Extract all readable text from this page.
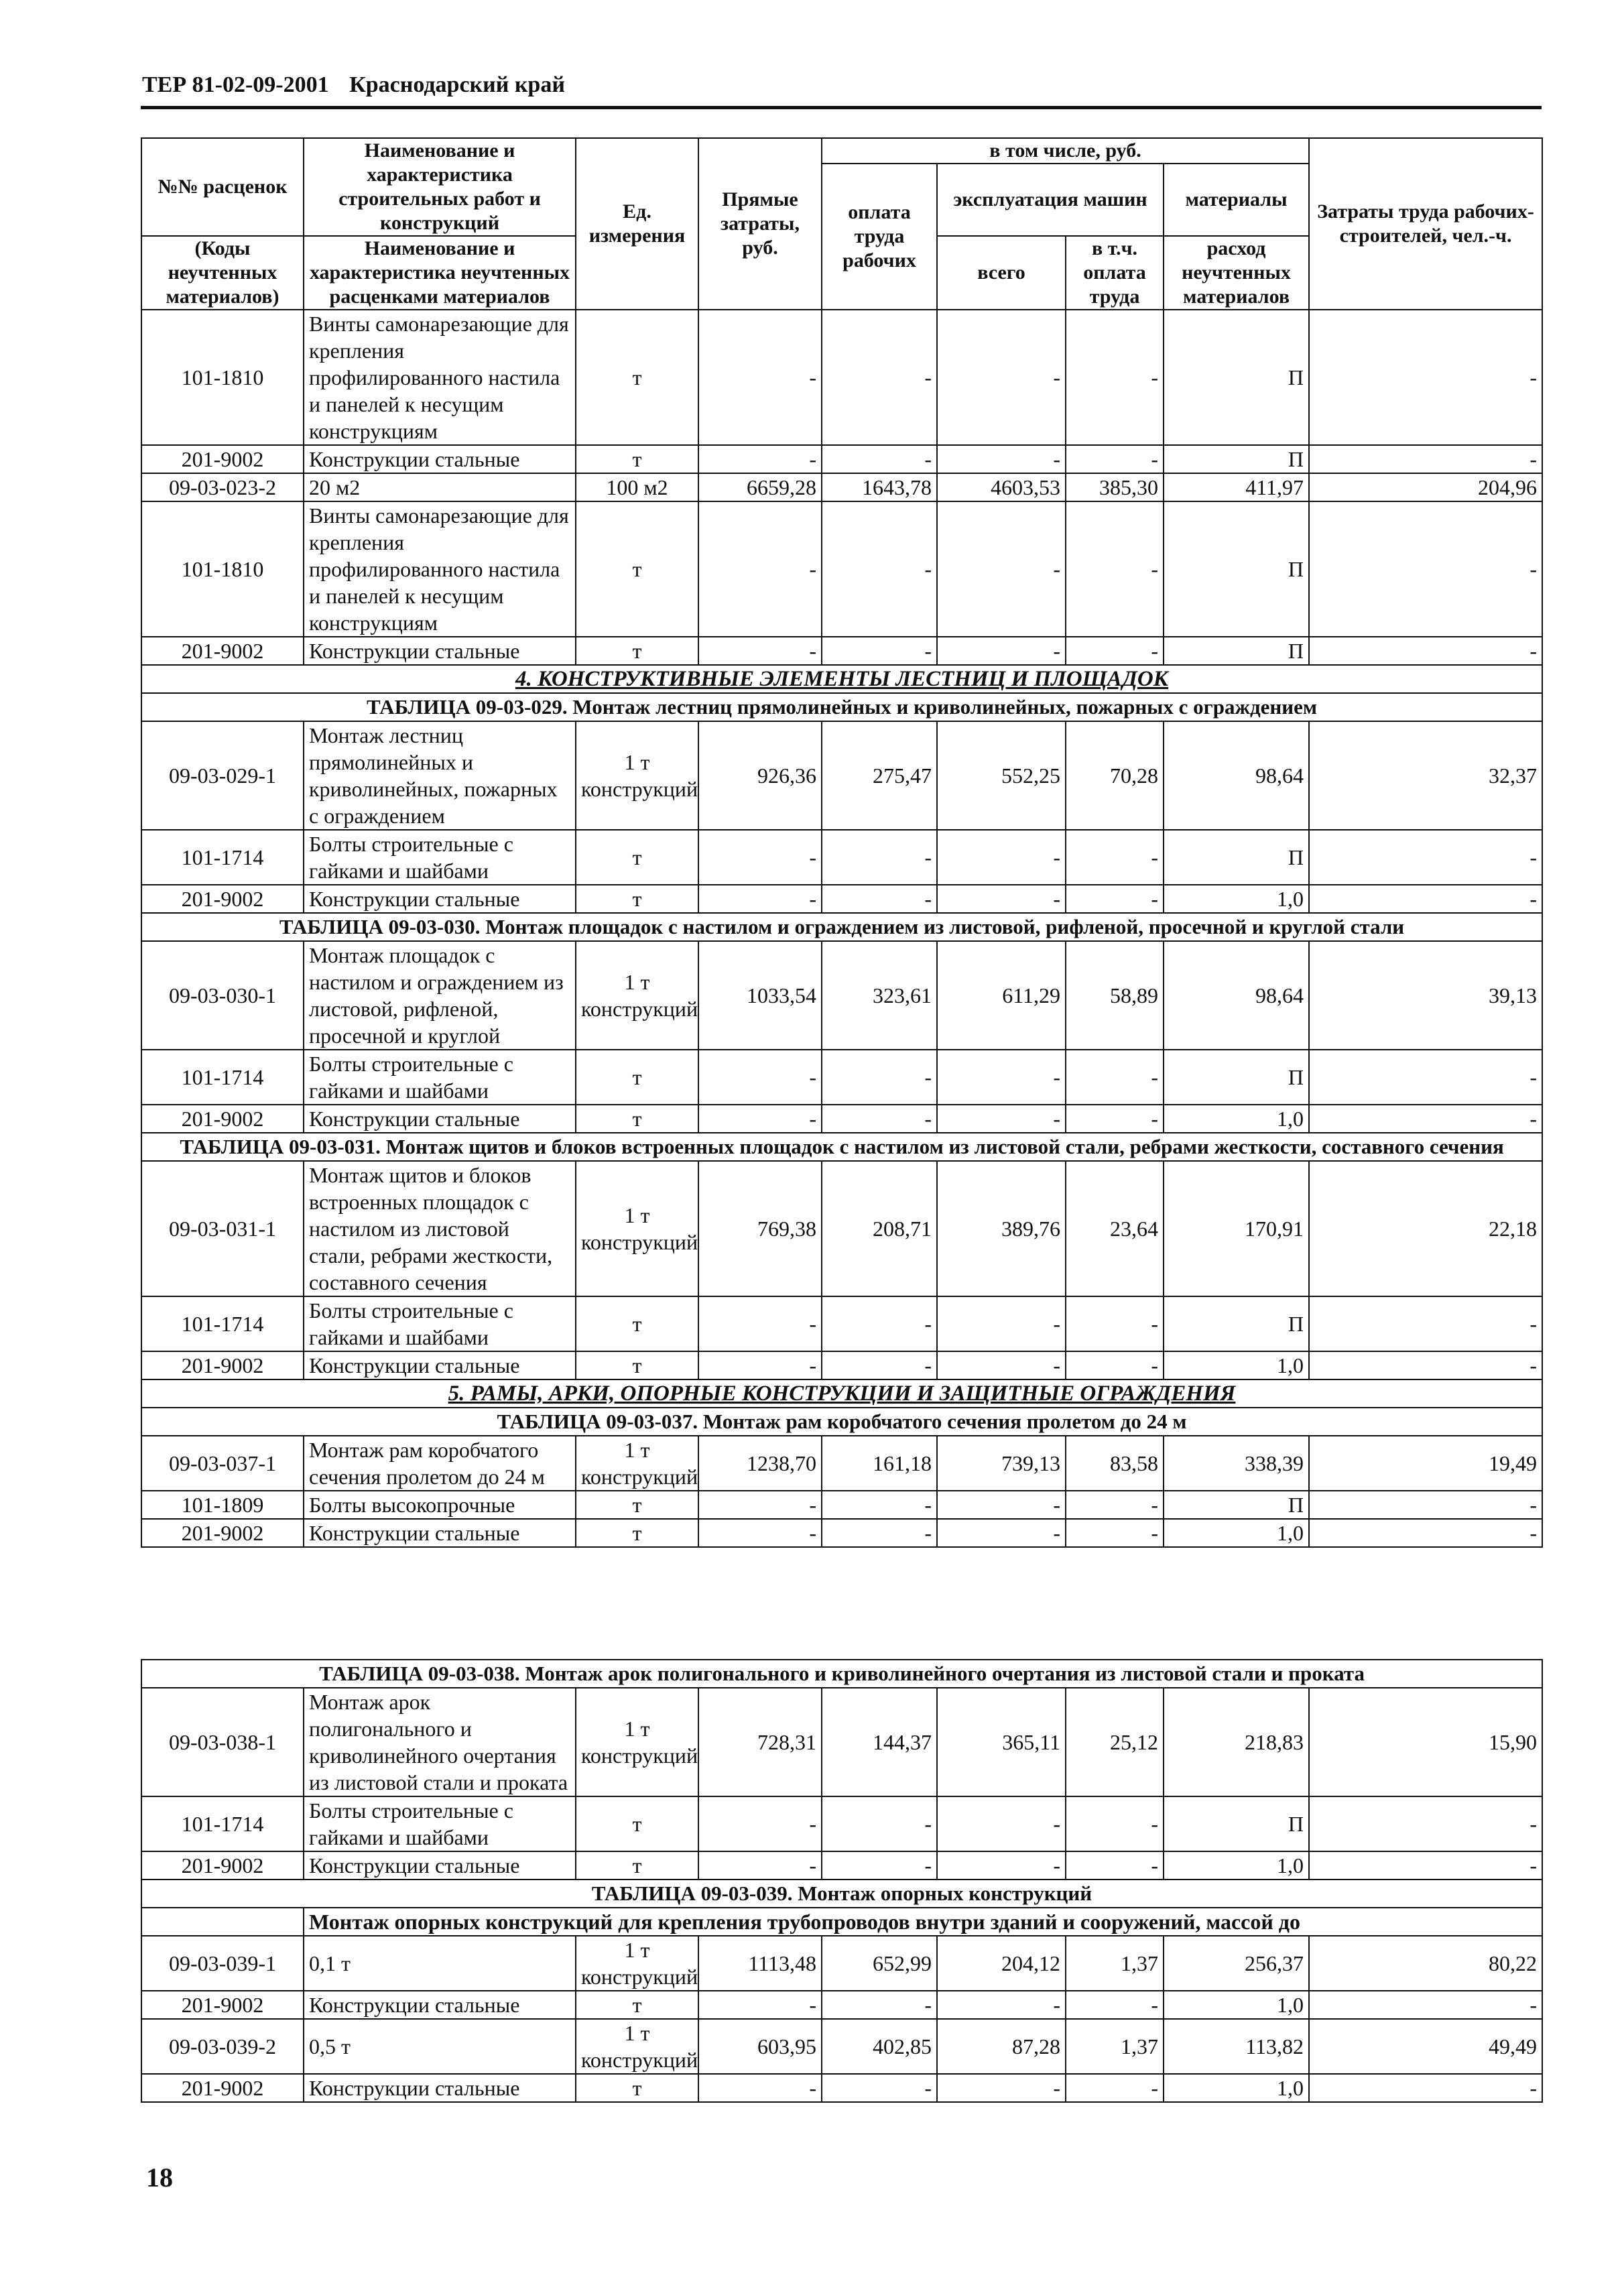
ТЕР 81-02-09-2001 Краснодарский край
№№ расценок	Наименование и характеристика строительных работ и конструкций	Ед. измерения	Прямые затраты, руб.	в том числе, руб.				Затраты труда рабочих-строителей, чел.-ч.
				оплата труда рабочих	эксплуатация машин		материалы	
(Коды неучтенных материалов)	Наименование и характеристика неучтенных расценками материалов				всего	в т.ч. оплата труда	расход неучтенных материалов	

101-1810	Винты самонарезающие для крепления профилированного настила и панелей к несущим конструкциям	т	-	-	-	-	П	-
201-9002	Конструкции стальные	т	-	-	-	-	П	-
09-03-023-2	20 м2	100 м2	6659,28	1643,78	4603,53	385,30	411,97	204,96
101-1810	Винты самонарезающие для крепления профилированного настила и панелей к несущим конструкциям	т	-	-	-	-	П	-
201-9002	Конструкции стальные	т	-	-	-	-	П	-
4. КОНСТРУКТИВНЫЕ ЭЛЕМЕНТЫ ЛЕСТНИЦ И ПЛОЩАДОК								
ТАБЛИЦА 09-03-029. Монтаж лестниц прямолинейных и криволинейных, пожарных с ограждением								
09-03-029-1	Монтаж лестниц прямолинейных и криволинейных, пожарных с ограждением	1 т конструкций	926,36	275,47	552,25	70,28	98,64	32,37
101-1714	Болты строительные с гайками и шайбами	т	-	-	-	-	П	-
201-9002	Конструкции стальные	т	-	-	-	-	1,0	-
ТАБЛИЦА 09-03-030. Монтаж площадок с настилом и ограждением из листовой, рифленой, просечной и круглой стали								
09-03-030-1	Монтаж площадок с настилом и ограждением из листовой, рифленой, просечной и круглой	1 т конструкций	1033,54	323,61	611,29	58,89	98,64	39,13
101-1714	Болты строительные с гайками и шайбами	т	-	-	-	-	П	-
201-9002	Конструкции стальные	т	-	-	-	-	1,0	-
ТАБЛИЦА 09-03-031. Монтаж щитов и блоков встроенных площадок с настилом из листовой стали, ребрами жесткости, составного сечения								
09-03-031-1	Монтаж щитов и блоков встроенных площадок с настилом из листовой стали, ребрами жесткости, составного сечения	1 т конструкций	769,38	208,71	389,76	23,64	170,91	22,18
101-1714	Болты строительные с гайками и шайбами	т	-	-	-	-	П	-
201-9002	Конструкции стальные	т	-	-	-	-	1,0	-
5. РАМЫ, АРКИ, ОПОРНЫЕ КОНСТРУКЦИИ И ЗАЩИТНЫЕ ОГРАЖДЕНИЯ								
ТАБЛИЦА 09-03-037. Монтаж рам коробчатого сечения пролетом до 24 м								
09-03-037-1	Монтаж рам коробчатого сечения пролетом до 24 м	1 т конструкций	1238,70	161,18	739,13	83,58	338,39	19,49
101-1809	Болты высокопрочные	т	-	-	-	-	П	-
201-9002	Конструкции стальные	т	-	-	-	-	1,0	-
ТАБЛИЦА 09-03-038. Монтаж арок полигонального и криволинейного очертания из листовой стали и проката								
09-03-038-1	Монтаж арок полигонального и криволинейного очертания из листовой стали и проката	1 т конструкций	728,31	144,37	365,11	25,12	218,83	15,90
101-1714	Болты строительные с гайками и шайбами	т	-	-	-	-	П	-
201-9002	Конструкции стальные	т	-	-	-	-	1,0	-
ТАБЛИЦА 09-03-039. Монтаж опорных конструкций								
	Монтаж опорных конструкций для крепления трубопроводов внутри зданий и сооружений, массой до							
09-03-039-1	0,1 т	1 т конструкций	1113,48	652,99	204,12	1,37	256,37	80,22
201-9002	Конструкции стальные	т	-	-	-	-	1,0	-
09-03-039-2	0,5 т	1 т конструкций	603,95	402,85	87,28	1,37	113,82	49,49
201-9002	Конструкции стальные	т	-	-	-	-	1,0	-
18
